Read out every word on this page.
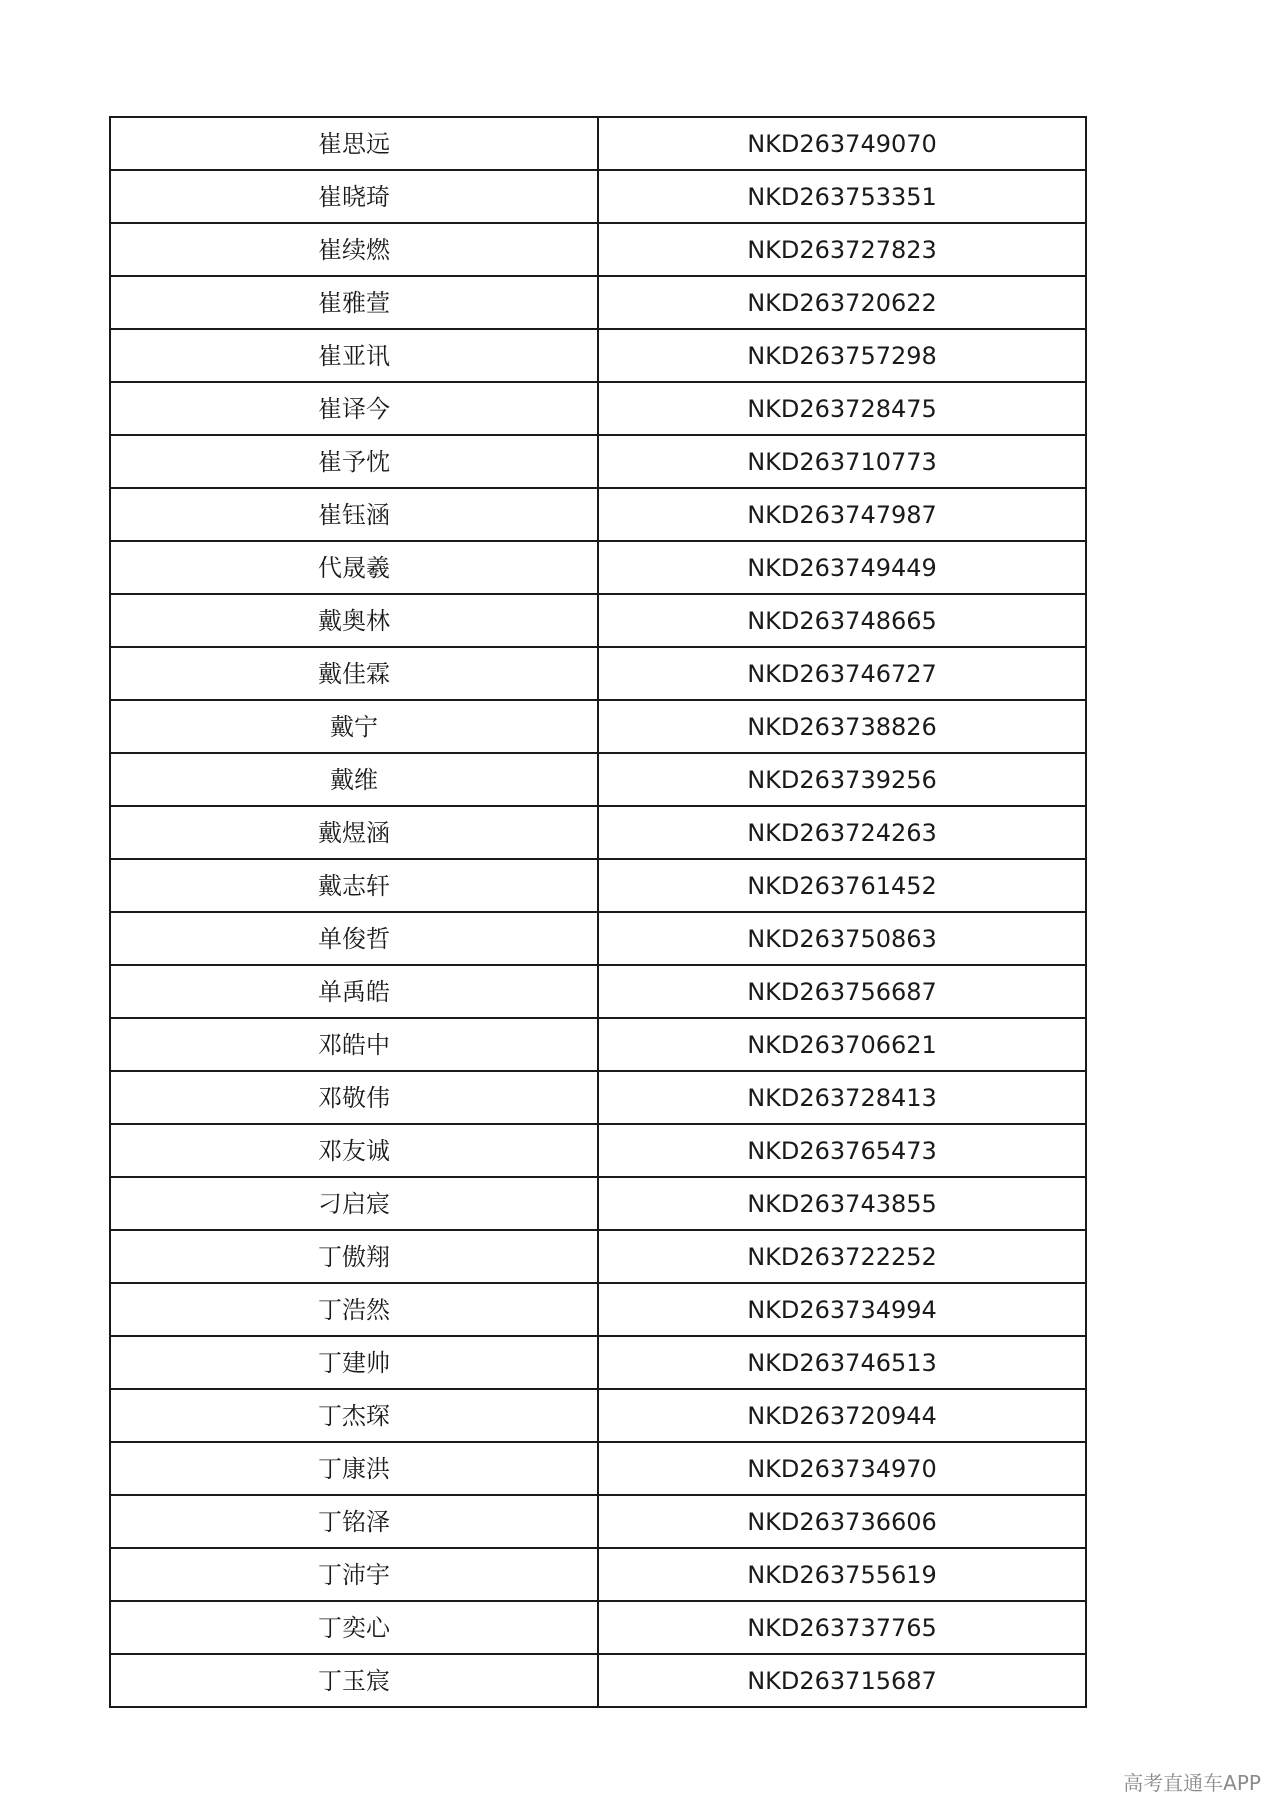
崔思远	NKD263749070
崔晓琦	NKD263753351
崔续燃	NKD263727823
崔雅萱	NKD263720622
崔亚讯	NKD263757298
崔译今	NKD263728475
崔予忱	NKD263710773
崔钰涵	NKD263747987
代晟羲	NKD263749449
戴奥林	NKD263748665
戴佳霖	NKD263746727
戴宁	NKD263738826
戴维	NKD263739256
戴煜涵	NKD263724263
戴志轩	NKD263761452
单俊哲	NKD263750863
单禹皓	NKD263756687
邓皓中	NKD263706621
邓敬伟	NKD263728413
邓友诚	NKD263765473
刁启宸	NKD263743855
丁傲翔	NKD263722252
丁浩然	NKD263734994
丁建帅	NKD263746513
丁杰琛	NKD263720944
丁康洪	NKD263734970
丁铭泽	NKD263736606
丁沛宇	NKD263755619
丁奕心	NKD263737765
丁玉宸	NKD263715687
高考直通车APP
